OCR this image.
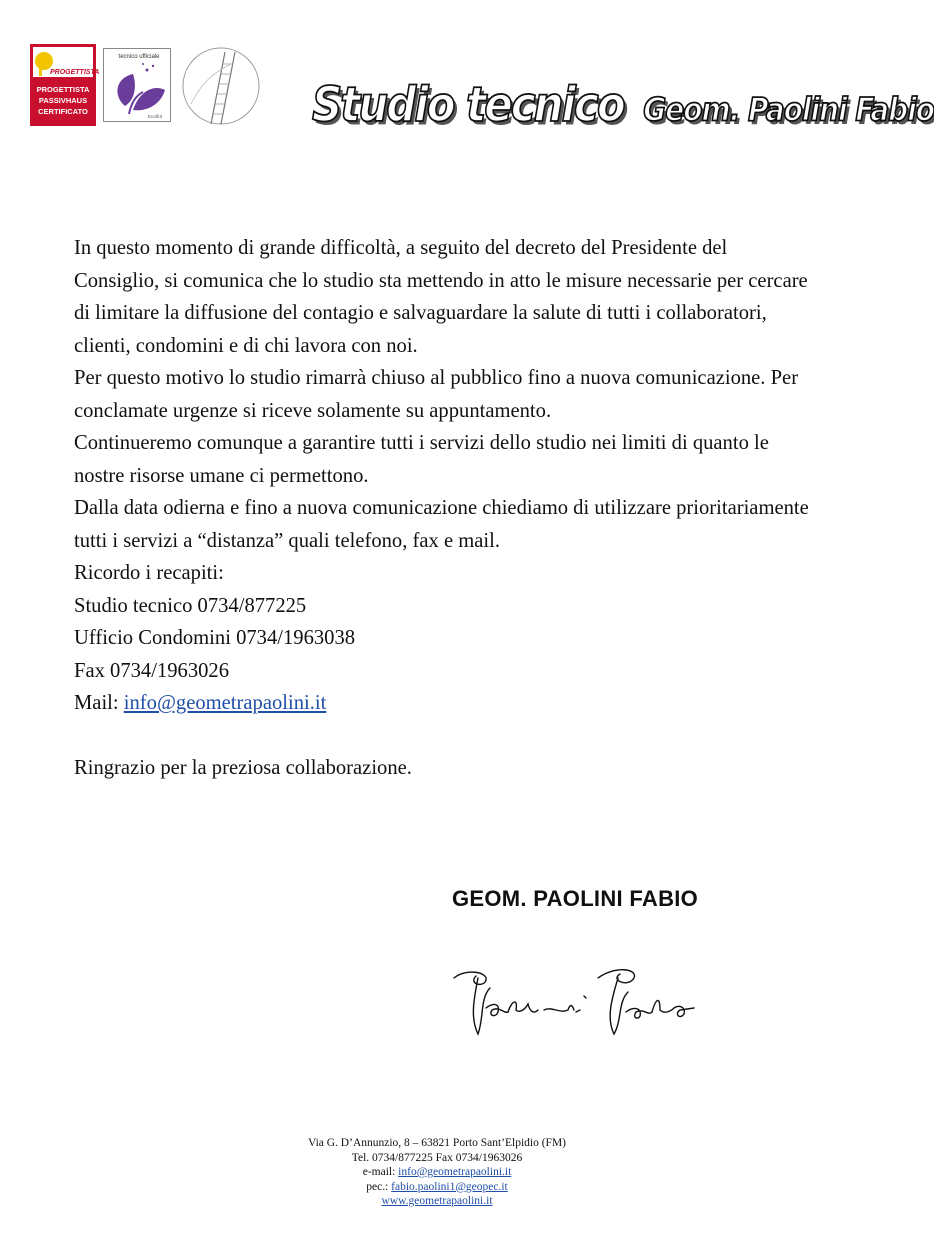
PROGETTISTA
PROGETTISTA
PASSIVHAUS
CERTIFICATO
tecnico ufficiale
Ecolll.it	Studio tecnico Geom. Paolini Fabio

In questo momento di grande difficoltà, a seguito del decreto del Presidente del Consiglio, si comunica che lo studio sta mettendo in atto le misure necessarie per cercare di limitare la diffusione del contagio e salvaguardare la salute di tutti i collaboratori, clienti, condomini e di chi lavora con noi.

Per questo motivo lo studio rimarrà chiuso al pubblico fino a nuova comunicazione. Per conclamate urgenze si riceve solamente su appuntamento.

Continueremo comunque a garantire tutti i servizi dello studio nei limiti di quanto le nostre risorse umane ci permettono.

Dalla data odierna e fino a nuova comunicazione chiediamo di utilizzare prioritariamente tutti i servizi a “distanza” quali telefono, fax e mail.

Ricordo i recapiti:

Studio tecnico 0734/877225

Ufficio Condomini 0734/1963038

Fax 0734/1963026

Mail: info@geometrapaolini.it

Ringrazio per la preziosa collaborazione.

GEOM. PAOLINI FABIO
Via G. D’Annunzio, 8 – 63821 Porto Sant’Elpidio (FM)
Tel. 0734/877225 Fax 0734/1963026
e-mail: info@geometrapaolini.it
pec.: fabio.paolini1@geopec.it
www.geometrapaolini.it
